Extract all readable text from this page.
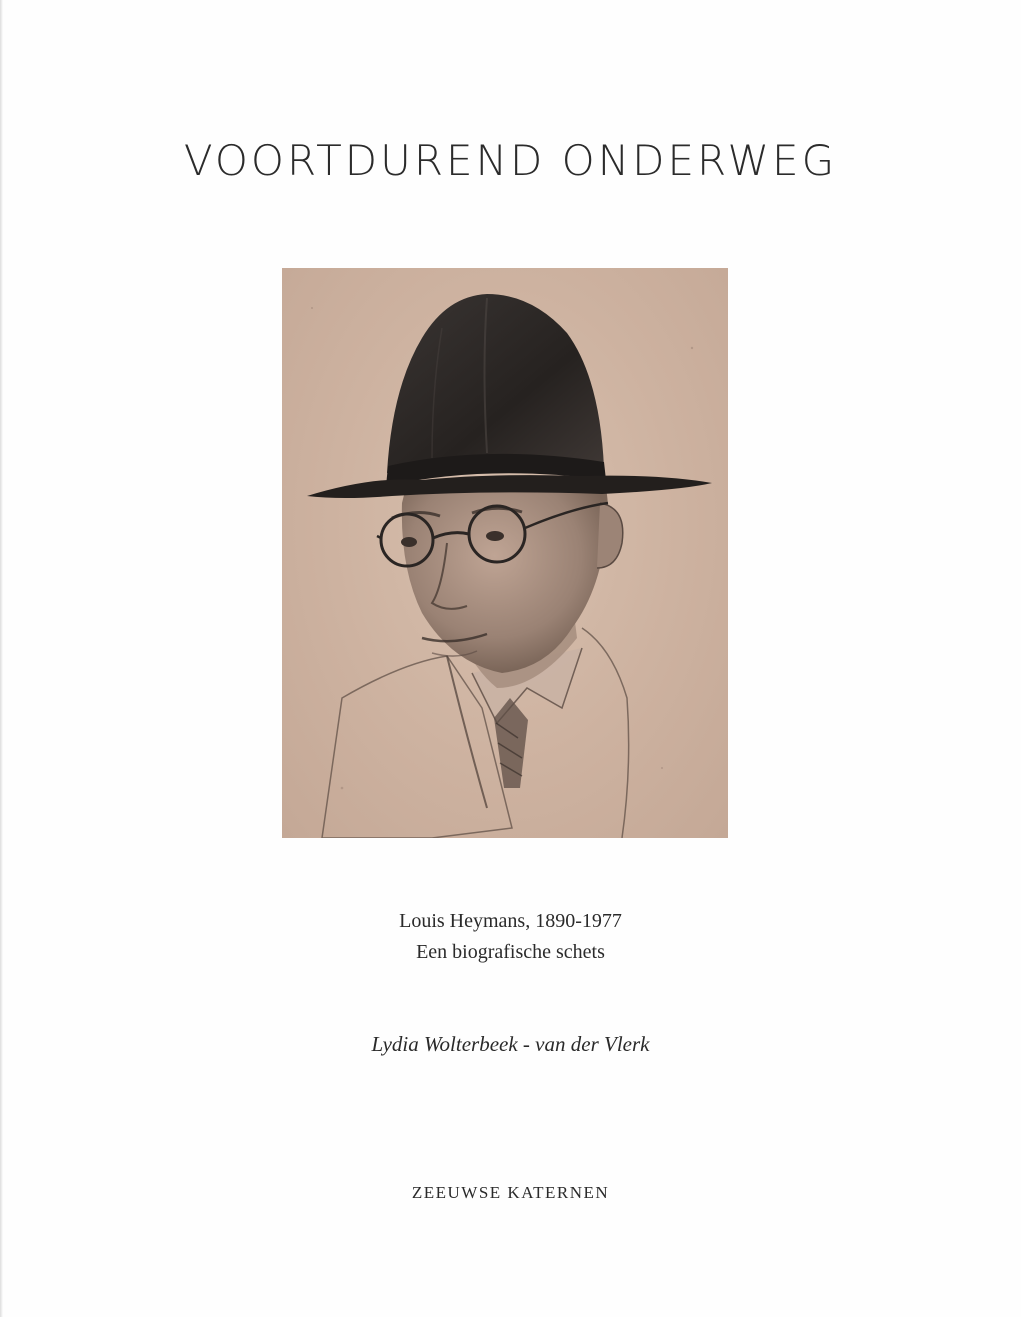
VOORTDUREND ONDERWEG
Louis Heymans, 1890-1977
Een biografische schets
Lydia Wolterbeek - van der Vlerk
ZEEUWSE KATERNEN
